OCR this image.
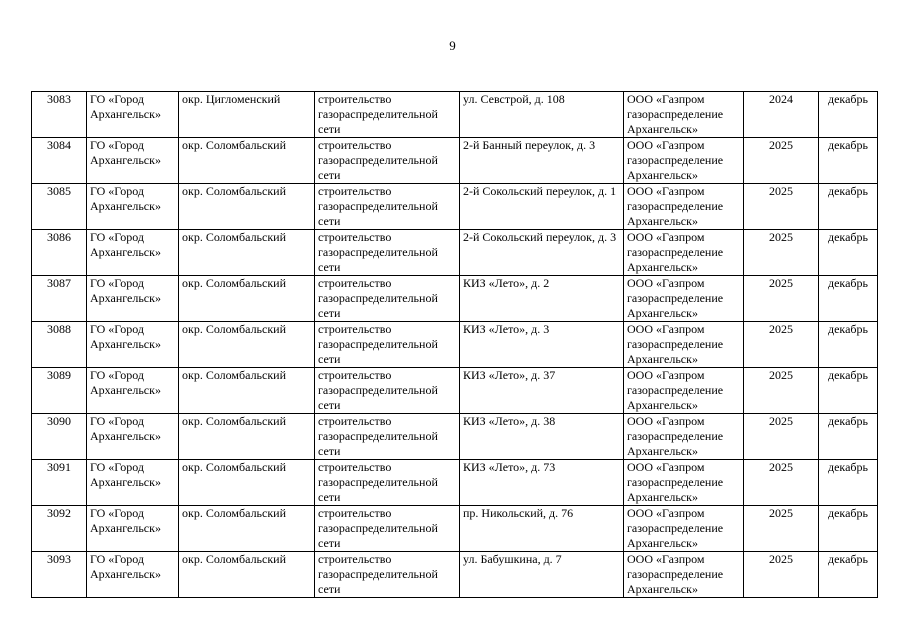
9
3083	ГО «Город Архангельск»	окр. Цигломенский	строительство газораспределительной сети	ул. Севстрой, д. 108	ООО «Газпром газораспределение Архангельск»	2024	декабрь
3084	ГО «Город Архангельск»	окр. Соломбальский	строительство газораспределительной сети	2-й Банный переулок, д. 3	ООО «Газпром газораспределение Архангельск»	2025	декабрь
3085	ГО «Город Архангельск»	окр. Соломбальский	строительство газораспределительной сети	2-й Сокольский переулок, д. 1	ООО «Газпром газораспределение Архангельск»	2025	декабрь
3086	ГО «Город Архангельск»	окр. Соломбальский	строительство газораспределительной сети	2-й Сокольский переулок, д. 3	ООО «Газпром газораспределение Архангельск»	2025	декабрь
3087	ГО «Город Архангельск»	окр. Соломбальский	строительство газораспределительной сети	КИЗ «Лето», д. 2	ООО «Газпром газораспределение Архангельск»	2025	декабрь
3088	ГО «Город Архангельск»	окр. Соломбальский	строительство газораспределительной сети	КИЗ «Лето», д. 3	ООО «Газпром газораспределение Архангельск»	2025	декабрь
3089	ГО «Город Архангельск»	окр. Соломбальский	строительство газораспределительной сети	КИЗ «Лето», д. 37	ООО «Газпром газораспределение Архангельск»	2025	декабрь
3090	ГО «Город Архангельск»	окр. Соломбальский	строительство газораспределительной сети	КИЗ «Лето», д. 38	ООО «Газпром газораспределение Архангельск»	2025	декабрь
3091	ГО «Город Архангельск»	окр. Соломбальский	строительство газораспределительной сети	КИЗ «Лето», д. 73	ООО «Газпром газораспределение Архангельск»	2025	декабрь
3092	ГО «Город Архангельск»	окр. Соломбальский	строительство газораспределительной сети	пр. Никольский, д. 76	ООО «Газпром газораспределение Архангельск»	2025	декабрь
3093	ГО «Город Архангельск»	окр. Соломбальский	строительство газораспределительной сети	ул. Бабушкина, д. 7	ООО «Газпром газораспределение Архангельск»	2025	декабрь
